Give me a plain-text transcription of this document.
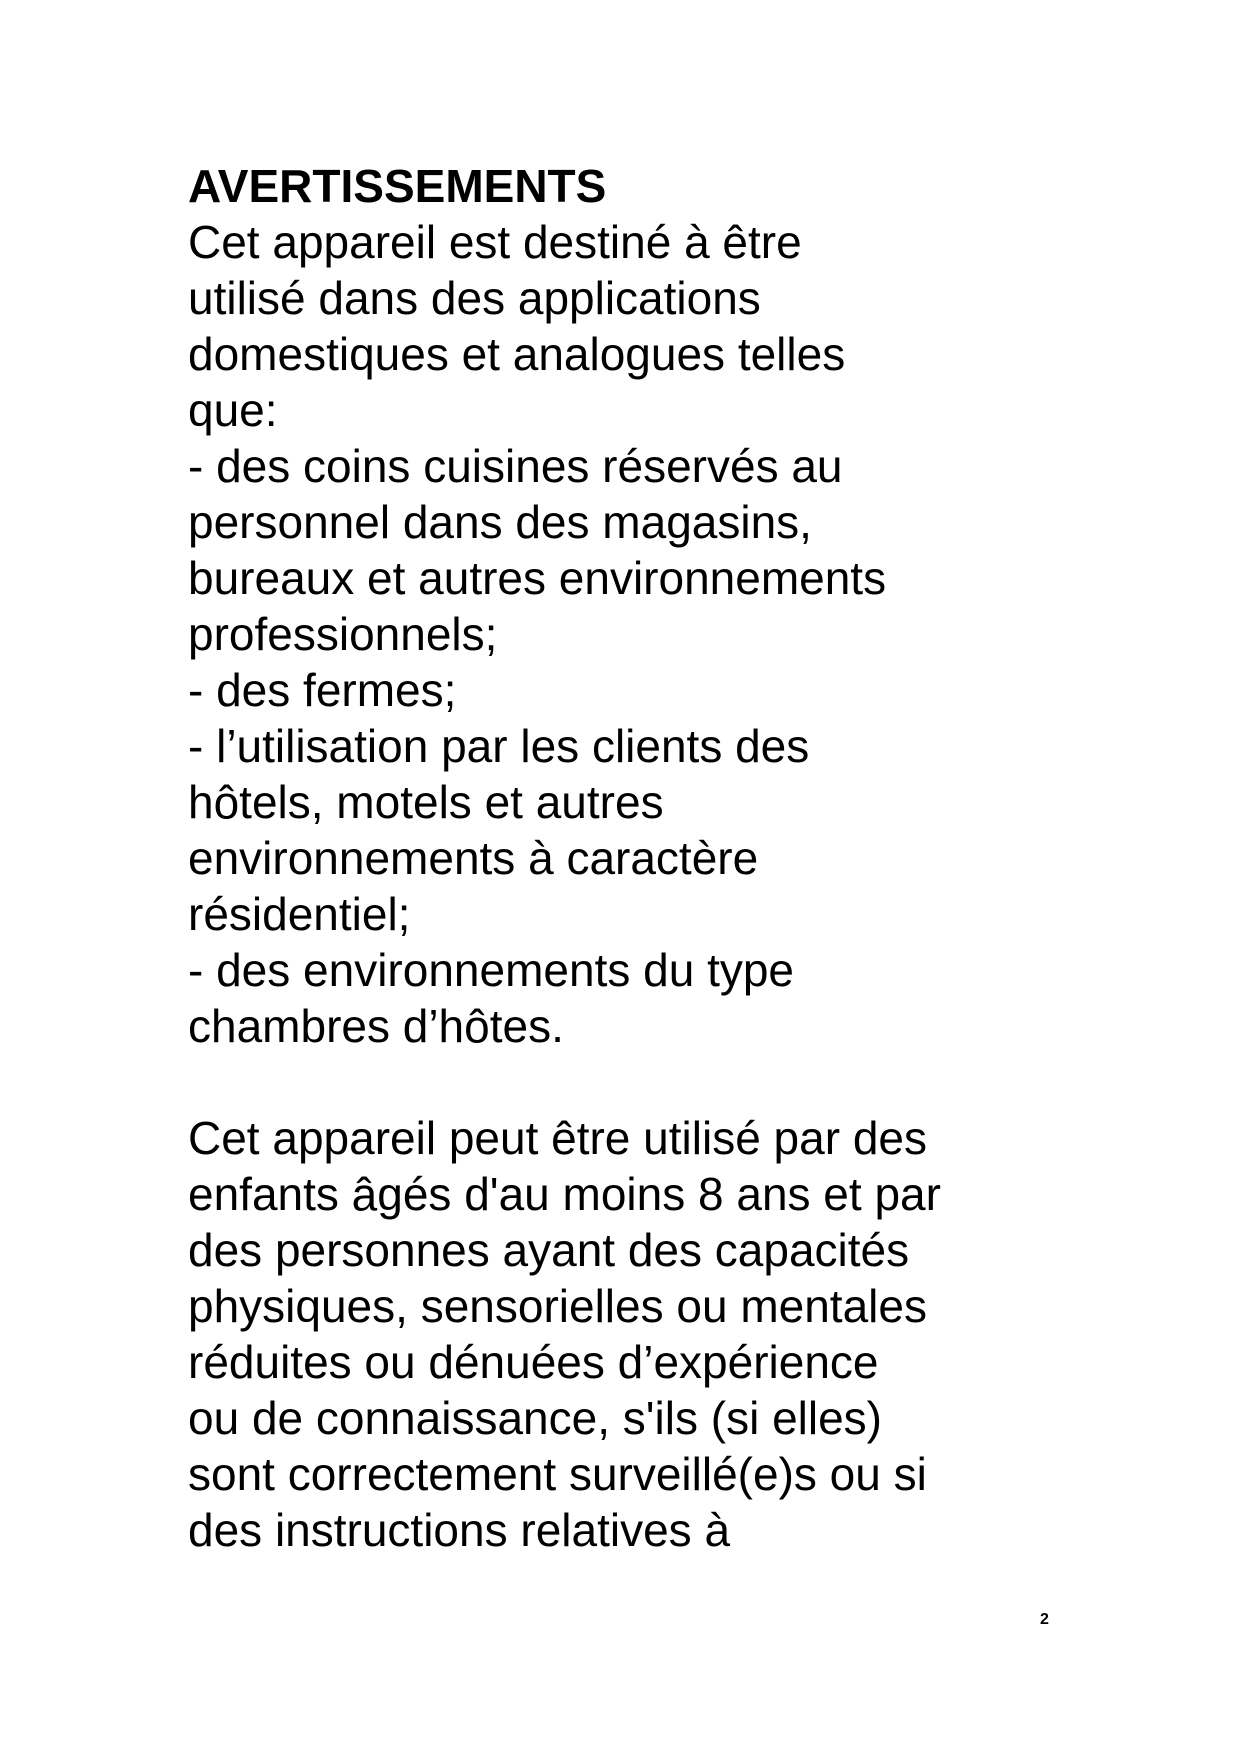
AVERTISSEMENTS
Cet appareil est destiné à être
utilisé dans des applications
domestiques et analogues telles
que:
- des coins cuisines réservés au
personnel dans des magasins,
bureaux et autres environnements
professionnels;
- des fermes;
- l’utilisation par les clients des
hôtels, motels et autres
environnements à caractère
résidentiel;
- des environnements du type
chambres d’hôtes.
Cet appareil peut être utilisé par des
enfants âgés d'au moins 8 ans et par
des personnes ayant des capacités
physiques, sensorielles ou mentales
réduites ou dénuées d’expérience
ou de connaissance, s'ils (si elles)
sont correctement surveillé(e)s ou si
des instructions relatives à
2
